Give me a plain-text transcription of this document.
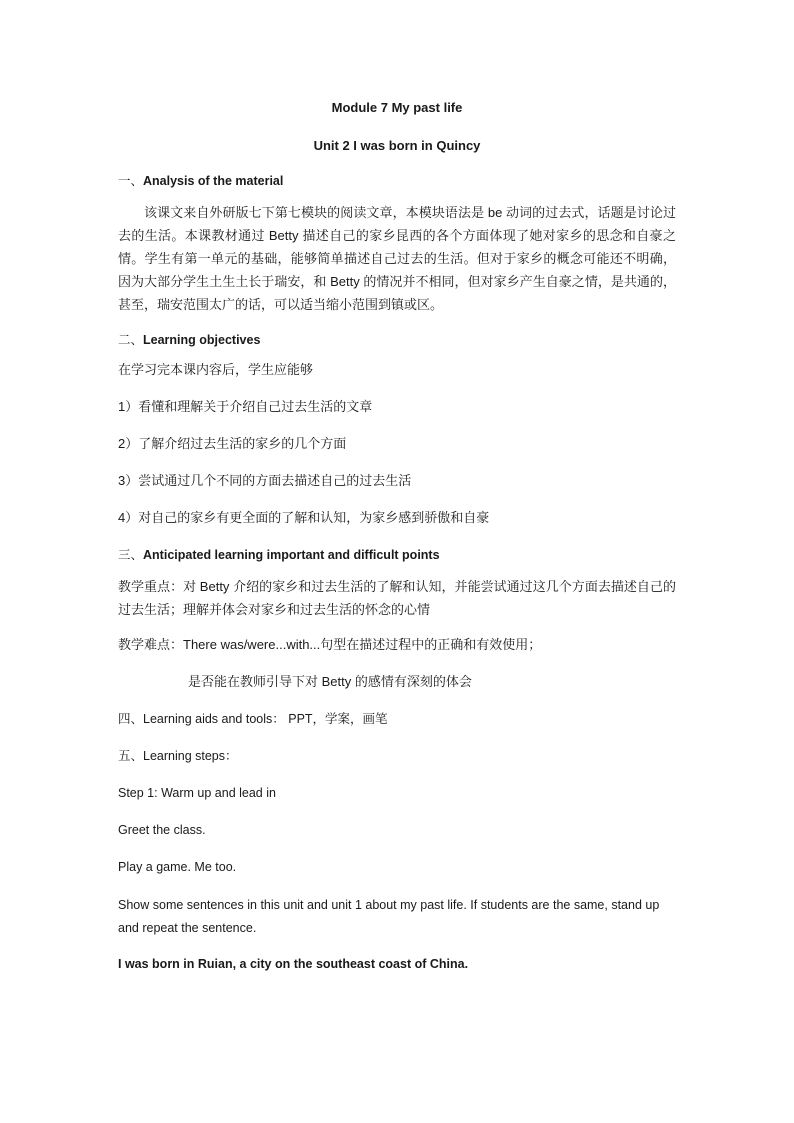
Module 7 My past life

Unit 2 I was born in Quincy

一、Analysis of the material

该课文来自外研版七下第七模块的阅读文章，本模块语法是 be 动词的过去式，话题是讨论过去的生活。本课教材通过 Betty 描述自己的家乡昆西的各个方面体现了她对家乡的思念和自豪之情。学生有第一单元的基础，能够简单描述自己过去的生活。但对于家乡的概念可能还不明确，因为大部分学生土生土长于瑞安，和 Betty 的情况并不相同，但对家乡产生自豪之情，是共通的，甚至，瑞安范围太广的话，可以适当缩小范围到镇或区。

二、Learning objectives

在学习完本课内容后，学生应能够

1）看懂和理解关于介绍自己过去生活的文章

2）了解介绍过去生活的家乡的几个方面

3）尝试通过几个不同的方面去描述自己的过去生活

4）对自己的家乡有更全面的了解和认知，为家乡感到骄傲和自豪

三、Anticipated learning important and difficult points

教学重点：对 Betty 介绍的家乡和过去生活的了解和认知，并能尝试通过这几个方面去描述自己的过去生活；理解并体会对家乡和过去生活的怀念的心情

教学难点：There was/were...with...句型在描述过程中的正确和有效使用；

是否能在教师引导下对 Betty 的感情有深刻的体会

四、Learning aids and tools： PPT，学案，画笔

五、Learning steps：

Step 1: Warm up and lead in

Greet the class.

Play a game. Me too.

Show some sentences in this unit and unit 1 about my past life. If students are the same, stand up and repeat the sentence.

I was born in Ruian, a city on the southeast coast of China.
